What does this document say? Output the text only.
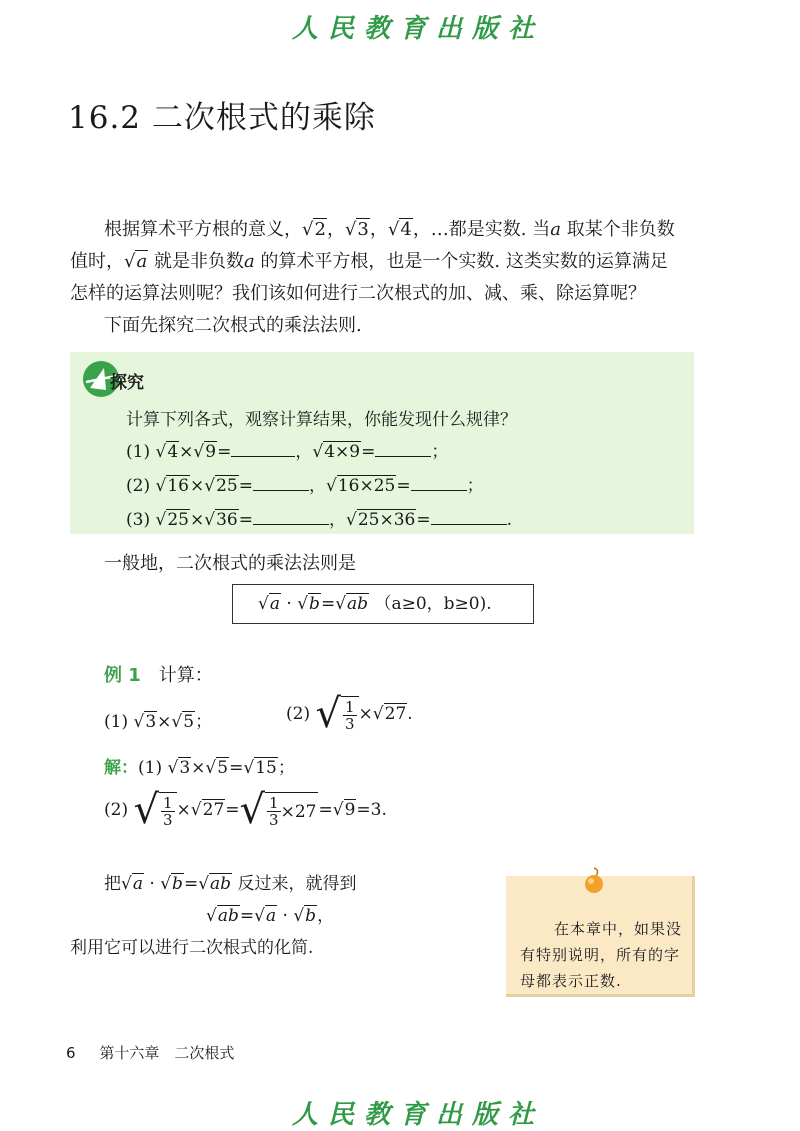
人民教育出版社
16.2 二次根式的乘除
根据算术平方根的意义，√2，√3，√4，…都是实数. 当a 取某个非负数
值时，√a 就是非负数a 的算术平方根，也是一个实数. 这类实数的运算满足
怎样的运算法则呢？我们该如何进行二次根式的加、减、乘、除运算呢？
下面先探究二次根式的乘法法则.
探究
计算下列各式，观察计算结果，你能发现什么规律？
(1) √4×√9=	，√4×9=	；
(2) √16×√25=	，√16×25=	；
(3) √25×√36=	，√25×36=	.
一般地，二次根式的乘法法则是
√a · √b=√ab （a≥0，b≥0).
例 1　 计算：
(1) √3×√5；	(2)
√ $\frac{1}{3} \times √27$ .
解：(1) √3×√5=√15；
(2)
√ $\frac{1}{3} \times √27$ = √ $\frac{1}{3} \times 27 = √9 =3$.
把√a · √b=√ab 反过来，就得到
√ab=√a · √b，
利用它可以进行二次根式的化简.
在本章中，如果没有特别说明，所有的字母都表示正数.
6 第十六章　二次根式
人民教育出版社
